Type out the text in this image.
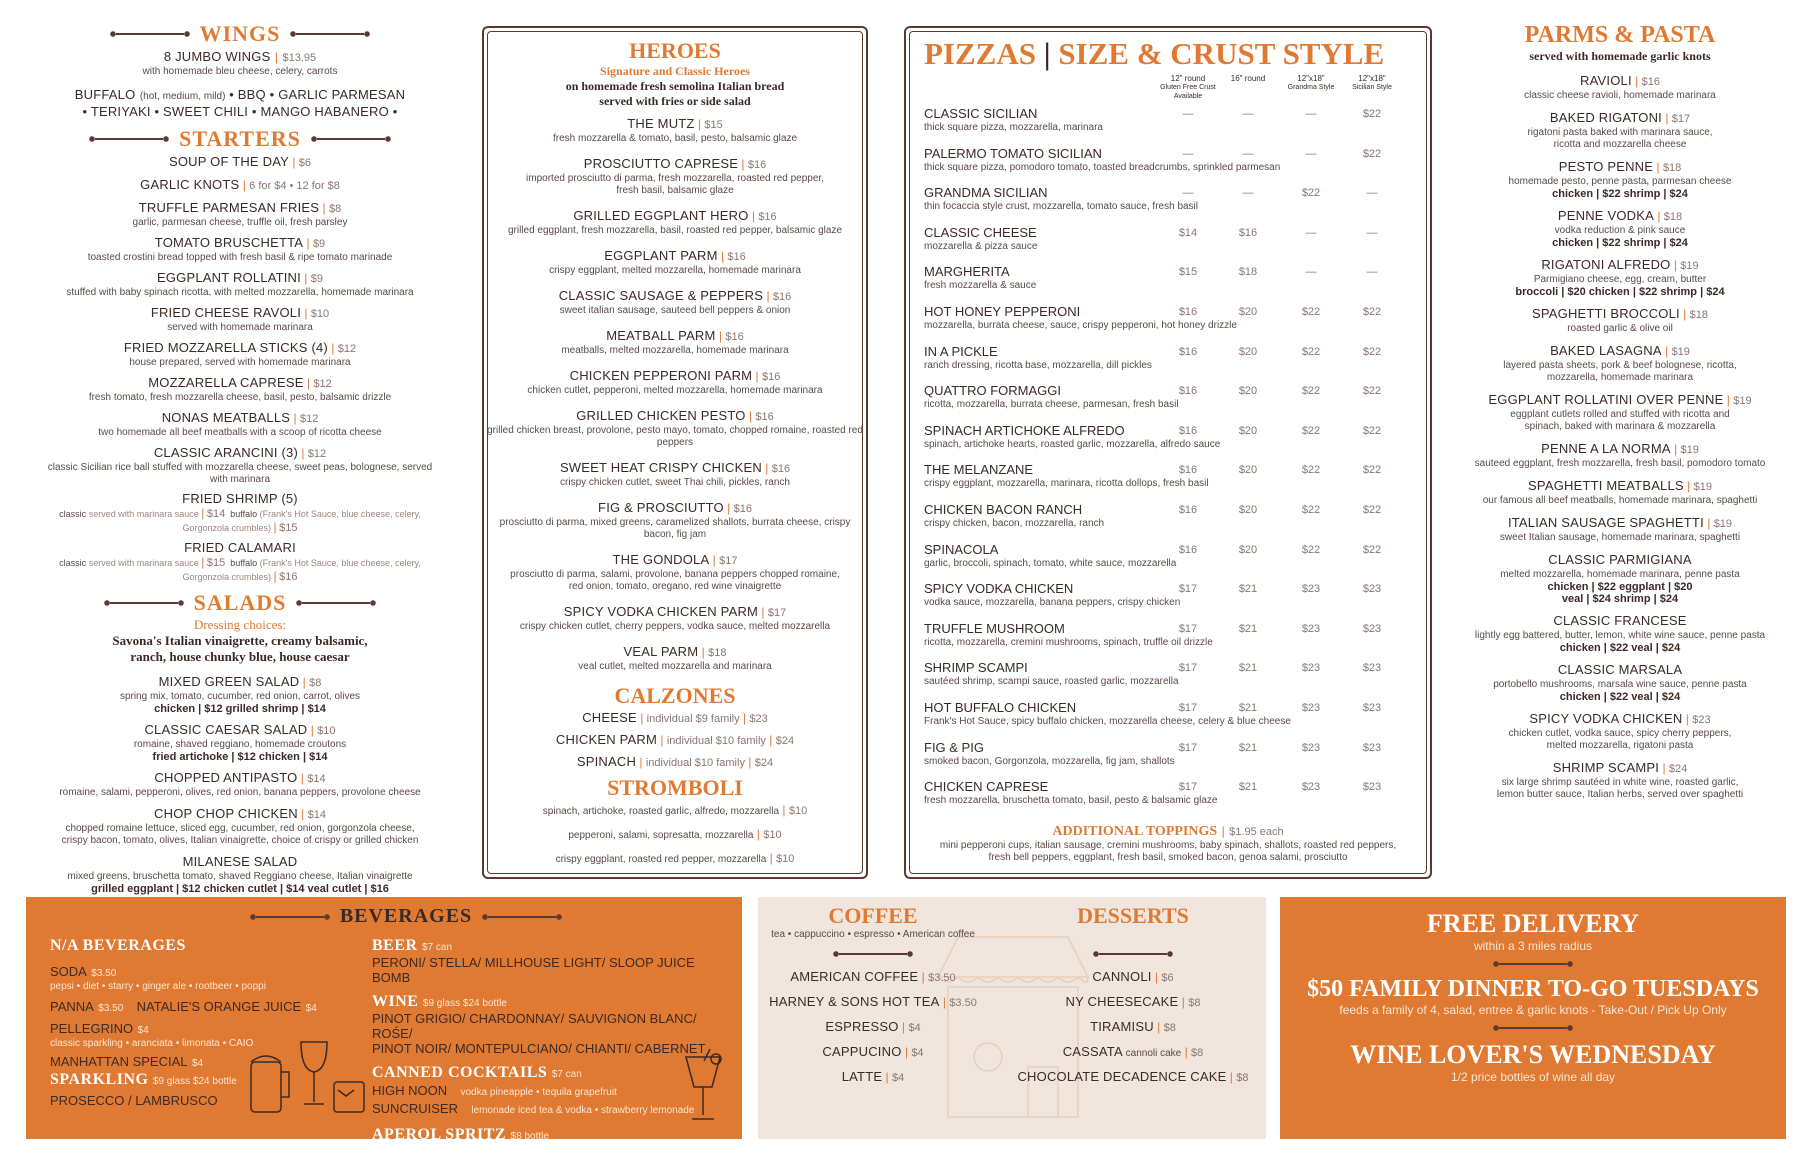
WINGS
8 JUMBO WINGS | $13.95
with homemade bleu cheese, celery, carrots
BUFFALO (hot, medium, mild) • BBQ • GARLIC PARMESAN
• TERIYAKI • SWEET CHILI • MANGO HABANERO •
STARTERS
SOUP OF THE DAY | $6
GARLIC KNOTS | 6 for $4 • 12 for $8
TRUFFLE PARMESAN FRIES | $8
garlic, parmesan cheese, truffle oil, fresh parsley
TOMATO BRUSCHETTA | $9
toasted crostini bread topped with fresh basil & ripe tomato marinade
EGGPLANT ROLLATINI | $9
stuffed with baby spinach ricotta, with melted mozzarella, homemade marinara
FRIED CHEESE RAVOLI | $10
served with homemade marinara
FRIED MOZZARELLA STICKS (4) | $12
house prepared, served with homemade marinara
MOZZARELLA CAPRESE | $12
fresh tomato, fresh mozzarella cheese, basil, pesto, balsamic drizzle
NONAS MEATBALLS | $12
two homemade all beef meatballs with a scoop of ricotta cheese
CLASSIC ARANCINI (3) | $12
classic Sicilian rice ball stuffed with mozzarella cheese, sweet peas, bolognese, served with marinara
FRIED SHRIMP (5)
classic served with marinara sauce | $14 buffalo (Frank's Hot Sauce, blue cheese, celery, Gorgonzola crumbles) | $15
FRIED CALAMARI
classic served with marinara sauce | $15 buffalo (Frank's Hot Sauce, blue cheese, celery, Gorgonzola crumbles) | $16
SALADS
Dressing choices:
Savona's Italian vinaigrette, creamy balsamic,
ranch, house chunky blue, house caesar
MIXED GREEN SALAD | $8
spring mix, tomato, cucumber, red onion, carrot, olives
chicken | $12 grilled shrimp | $14
CLASSIC CAESAR SALAD | $10
romaine, shaved reggiano, homemade croutons
fried artichoke | $12 chicken | $14
CHOPPED ANTIPASTO | $14
romaine, salami, pepperoni, olives, red onion, banana peppers, provolone cheese
CHOP CHOP CHICKEN | $14
chopped romaine lettuce, sliced egg, cucumber, red onion, gorgonzola cheese,
crispy bacon, tomato, olives, Italian vinaigrette, choice of crispy or grilled chicken
MILANESE SALAD
mixed greens, bruschetta tomato, shaved Reggiano cheese, Italian vinaigrette
grilled eggplant | $12 chicken cutlet | $14 veal cutlet | $16
HEROES
Signature and Classic Heroes
on homemade fresh semolina Italian bread
served with fries or side salad
THE MUTZ | $15
fresh mozzarella & tomato, basil, pesto, balsamic glaze
PROSCIUTTO CAPRESE | $16
imported prosciutto di parma, fresh mozzarella, roasted red pepper,
fresh basil, balsamic glaze
GRILLED EGGPLANT HERO | $16
grilled eggplant, fresh mozzarella, basil, roasted red pepper, balsamic glaze
EGGPLANT PARM | $16
crispy eggplant, melted mozzarella, homemade marinara
CLASSIC SAUSAGE & PEPPERS | $16
sweet italian sausage, sauteed bell peppers & onion
MEATBALL PARM | $16
meatballs, melted mozzarella, homemade marinara
CHICKEN PEPPERONI PARM | $16
chicken cutlet, pepperoni, melted mozzarella, homemade marinara
GRILLED CHICKEN PESTO | $16
grilled chicken breast, provolone, pesto mayo, tomato, chopped romaine, roasted red peppers
SWEET HEAT CRISPY CHICKEN | $16
crispy chicken cutlet, sweet Thai chili, pickles, ranch
FIG & PROSCIUTTO | $16
prosciutto di parma, mixed greens, caramelized shallots, burrata cheese, crispy bacon, fig jam
THE GONDOLA | $17
prosciutto di parma, salami, provolone, banana peppers chopped romaine,
red onion, tomato, oregano, red wine vinaigrette
SPICY VODKA CHICKEN PARM | $17
crispy chicken cutlet, cherry peppers, vodka sauce, melted mozzarella
VEAL PARM | $18
veal cutlet, melted mozzarella and marinara
CALZONES
CHEESE | individual $9 family | $23
CHICKEN PARM | individual $10 family | $24
SPINACH | individual $10 family | $24
STROMBOLI
spinach, artichoke, roasted garlic, alfredo, mozzarella | $10
pepperoni, salami, sopresatta, mozzarella | $10
crispy eggplant, roasted red pepper, mozzarella | $10
PIZZAS | SIZE & CRUST STYLE
12" round
Gluten Free Crust Available
16" round	12"x18"
Grandma Style
12"x18"
Sicilian Style
CLASSIC SICILIAN
thick square pizza, mozzarella, marinara
—	—	—	$22
PALERMO TOMATO SICILIAN
thick square pizza, pomodoro tomato, toasted breadcrumbs, sprinkled parmesan
—	—	—	$22
GRANDMA SICILIAN
thin focaccia style crust, mozzarella, tomato sauce, fresh basil
—	—	$22	—
CLASSIC CHEESE
mozzarella & pizza sauce
$14	$16	—	—
MARGHERITA
fresh mozzarella & sauce
$15	$18	—	—
HOT HONEY PEPPERONI
mozzarella, burrata cheese, sauce, crispy pepperoni, hot honey drizzle
$16	$20	$22	$22
IN A PICKLE
ranch dressing, ricotta base, mozzarella, dill pickles
$16	$20	$22	$22
QUATTRO FORMAGGI
ricotta, mozzarella, burrata cheese, parmesan, fresh basil
$16	$20	$22	$22
SPINACH ARTICHOKE ALFREDO
spinach, artichoke hearts, roasted garlic, mozzarella, alfredo sauce
$16	$20	$22	$22
THE MELANZANE
crispy eggplant, mozzarella, marinara, ricotta dollops, fresh basil
$16	$20	$22	$22
CHICKEN BACON RANCH
crispy chicken, bacon, mozzarella, ranch
$16	$20	$22	$22
SPINACOLA
garlic, broccoli, spinach, tomato, white sauce, mozzarella
$16	$20	$22	$22
SPICY VODKA CHICKEN
vodka sauce, mozzarella, banana peppers, crispy chicken
$17	$21	$23	$23
TRUFFLE MUSHROOM
ricotta, mozzarella, cremini mushrooms, spinach, truffle oil drizzle
$17	$21	$23	$23
SHRIMP SCAMPI
sautéed shrimp, scampi sauce, roasted garlic, mozzarella
$17	$21	$23	$23
HOT BUFFALO CHICKEN
Frank's Hot Sauce, spicy buffalo chicken, mozzarella cheese, celery & blue cheese
$17	$21	$23	$23
FIG & PIG
smoked bacon, Gorgonzola, mozzarella, fig jam, shallots
$17	$21	$23	$23
CHICKEN CAPRESE
fresh mozzarella, bruschetta tomato, basil, pesto & balsamic glaze
$17	$21	$23	$23
ADDITIONAL TOPPINGS | $1.95 each
mini pepperoni cups, italian sausage, cremini mushrooms, baby spinach, shallots, roasted red peppers,
fresh bell peppers, eggplant, fresh basil, smoked bacon, genoa salami, prosciutto
PARMS & PASTA
served with homemade garlic knots
RAVIOLI | $16
classic cheese ravioli, homemade marinara
BAKED RIGATONI | $17
rigatoni pasta baked with marinara sauce,
ricotta and mozzarella cheese
PESTO PENNE | $18
homemade pesto, penne pasta, parmesan cheese
chicken | $22 shrimp | $24
PENNE VODKA | $18
vodka reduction & pink sauce
chicken | $22 shrimp | $24
RIGATONI ALFREDO | $19
Parmigiano cheese, egg, cream, butter
broccoli | $20 chicken | $22 shrimp | $24
SPAGHETTI BROCCOLI | $18
roasted garlic & olive oil
BAKED LASAGNA | $19
layered pasta sheets, pork & beef bolognese, ricotta,
mozzarella, homemade marinara
EGGPLANT ROLLATINI OVER PENNE | $19
eggplant cutlets rolled and stuffed with ricotta and
spinach, baked with marinara & mozzarella
PENNE A LA NORMA | $19
sauteed eggplant, fresh mozzarella, fresh basil, pomodoro tomato
SPAGHETTI MEATBALLS | $19
our famous all beef meatballs, homemade marinara, spaghetti
ITALIAN SAUSAGE SPAGHETTI | $19
sweet Italian sausage, homemade marinara, spaghetti
CLASSIC PARMIGIANA
melted mozzarella, homemade marinara, penne pasta
chicken | $22 eggplant | $20
veal | $24 shrimp | $24
CLASSIC FRANCESE
lightly egg battered, butter, lemon, white wine sauce, penne pasta
chicken | $22 veal | $24
CLASSIC MARSALA
portobello mushrooms, marsala wine sauce, penne pasta
chicken | $22 veal | $24
SPICY VODKA CHICKEN | $23
chicken cutlet, vodka sauce, spicy cherry peppers,
melted mozzarella, rigatoni pasta
SHRIMP SCAMPI | $24
six large shrimp sautéed in white wine, roasted garlic,
lemon butter sauce, Italian herbs, served over spaghetti
BEVERAGES
N/A BEVERAGES
SODA $3.50
pepsi • diet • starry • ginger ale • rootbeer • poppi
PANNA $3.50 NATALIE'S ORANGE JUICE $4
PELLEGRINO $4
classic sparkling • aranciata • limonata • CAIO
MANHATTAN SPECIAL $4
SPARKLING $9 glass $24 bottle
PROSECCO / LAMBRUSCO
BEER $7 can
PERONI/ STELLA/ MILLHOUSE LIGHT/ SLOOP JUICE BOMB
WINE $9 glass $24 bottle
PINOT GRIGIO/ CHARDONNAY/ SAUVIGNON BLANC/ ROŚE/
PINOT NOIR/ MONTEPULCIANO/ CHIANTI/ CABERNET
CANNED COCKTAILS $7 can
HIGH NOON vodka pineapple • tequila grapefruit
SUNCRUISER lemonade iced tea & vodka • strawberry lemonade
APEROL SPRITZ $8 bottle
COFFEE
tea • cappuccino • espresso • American coffee
AMERICAN COFFEE | $3.50
HARNEY & SONS HOT TEA | $3.50
ESPRESSO | $4
CAPPUCINO | $4
LATTE | $4
DESSERTS
CANNOLI | $6
NY CHEESECAKE | $8
TIRAMISU | $8
CASSATA cannoli cake | $8
CHOCOLATE DECADENCE CAKE | $8
FREE DELIVERY
within a 3 miles radius
$50 FAMILY DINNER TO-GO TUESDAYS
feeds a family of 4, salad, entree & garlic knots - Take-Out / Pick Up Only
WINE LOVER'S WEDNESDAY
1/2 price bottles of wine all day
